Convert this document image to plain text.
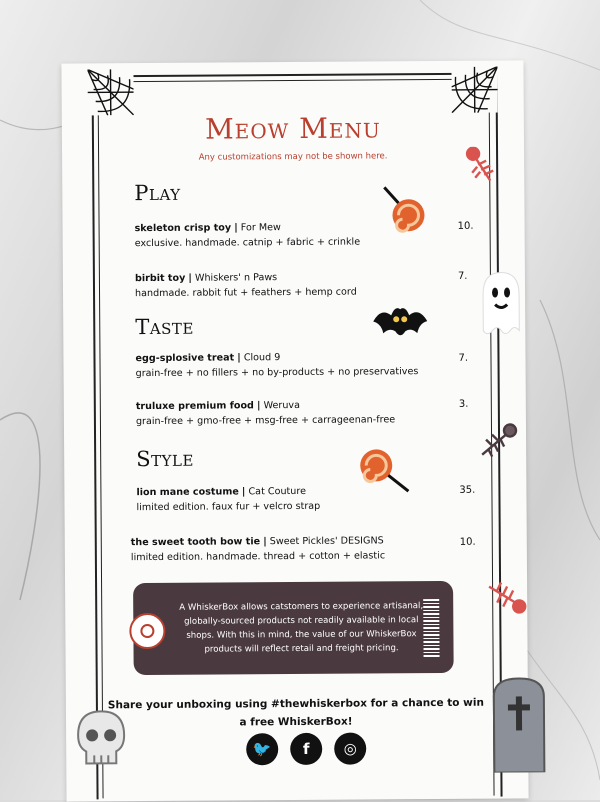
Meow Menu
Any customizations may not be shown here.
Play
skeleton crisp toy | For Mew
exclusive. handmade. catnip + fabric + crinkle
10.
birbit toy | Whiskers' n Paws
handmade. rabbit fut + feathers + hemp cord
7.
Taste
egg-splosive treat | Cloud 9
grain-free + no fillers + no by-products + no preservatives
7.
truluxe premium food | Weruva
grain-free + gmo-free + msg-free + carrageenan-free
3.
Style
lion mane costume | Cat Couture
limited edition. faux fur + velcro strap
35.
the sweet tooth bow tie | Sweet Pickles' DESIGNS
limited edition. handmade. thread + cotton + elastic
10.
A WhiskerBox allows catstomers to experience artisanal, globally-sourced products not readily available in local shops. With this in mind, the value of our WhiskerBox products will reflect retail and freight pricing.
Share your unboxing using #thewhiskerbox for a chance to win
a free WhiskerBox!
🐦	f	◎
